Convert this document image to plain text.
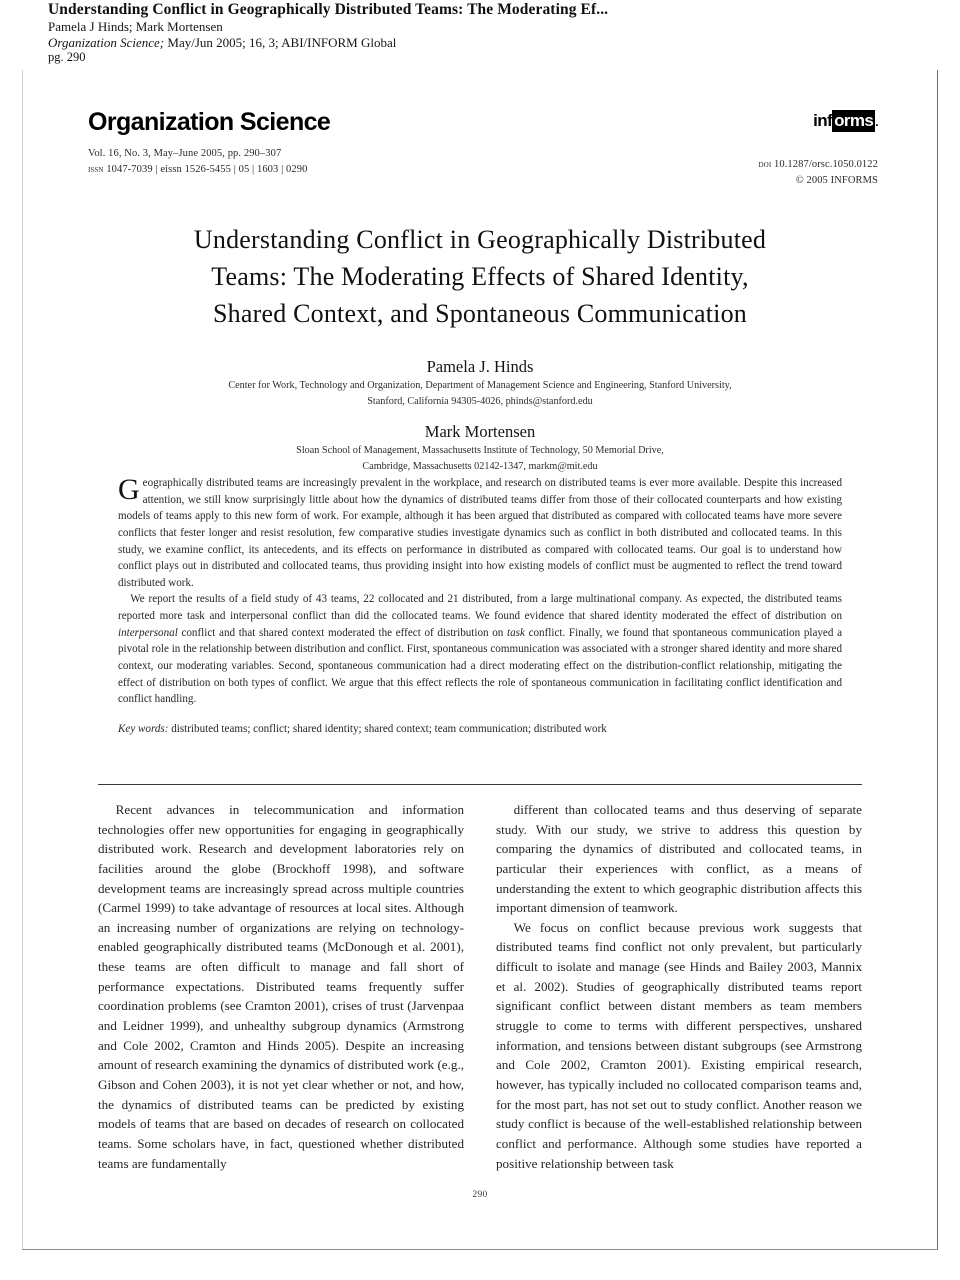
Understanding Conflict in Geographically Distributed Teams: The Moderating Ef...
Pamela J Hinds; Mark Mortensen
Organization Science; May/Jun 2005; 16, 3; ABI/INFORM Global
pg. 290
Organization Science
Vol. 16, No. 3, May–June 2005, pp. 290–307
issn 1047-7039 | eissn 1526-5455 | 05 | 1603 | 0290
inf orms .
doi 10.1287/orsc.1050.0122
© 2005 INFORMS
Understanding Conflict in Geographically Distributed
Teams: The Moderating Effects of Shared Identity,
Shared Context, and Spontaneous Communication
Pamela J. Hinds
Center for Work, Technology and Organization, Department of Management Science and Engineering, Stanford University,
Stanford, California 94305-4026, phinds@stanford.edu
Mark Mortensen
Sloan School of Management, Massachusetts Institute of Technology, 50 Memorial Drive,
Cambridge, Massachusetts 02142-1347, markm@mit.edu

Geographically distributed teams are increasingly prevalent in the workplace, and research on distributed teams is ever more available. Despite this increased attention, we still know surprisingly little about how the dynamics of distributed teams differ from those of their collocated counterparts and how existing models of teams apply to this new form of work. For example, although it has been argued that distributed as compared with collocated teams have more severe conflicts that fester longer and resist resolution, few comparative studies investigate dynamics such as conflict in both distributed and collocated teams. In this study, we examine conflict, its antecedents, and its effects on performance in distributed as compared with collocated teams. Our goal is to understand how conflict plays out in distributed and collocated teams, thus providing insight into how existing models of conflict must be augmented to reflect the trend toward distributed work.

We report the results of a field study of 43 teams, 22 collocated and 21 distributed, from a large multinational company. As expected, the distributed teams reported more task and interpersonal conflict than did the collocated teams. We found evidence that shared identity moderated the effect of distribution on interpersonal conflict and that shared context moderated the effect of distribution on task conflict. Finally, we found that spontaneous communication played a pivotal role in the relationship between distribution and conflict. First, spontaneous communication was associated with a stronger shared identity and more shared context, our moderating variables. Second, spontaneous communication had a direct moderating effect on the distribution-conflict relationship, mitigating the effect of distribution on both types of conflict. We argue that this effect reflects the role of spontaneous communication in facilitating conflict identification and conflict handling.

Key words: distributed teams; conflict; shared identity; shared context; team communication; distributed work

Recent advances in telecommunication and information technologies offer new opportunities for engaging in geographically distributed work. Research and development laboratories rely on facilities around the globe (Brockhoff 1998), and software development teams are increasingly spread across multiple countries (Carmel 1999) to take advantage of resources at local sites. Although an increasing number of organizations are relying on technology-enabled geographically distributed teams (McDonough et al. 2001), these teams are often difficult to manage and fall short of performance expectations. Distributed teams frequently suffer coordination problems (see Cramton 2001), crises of trust (Jarvenpaa and Leidner 1999), and unhealthy subgroup dynamics (Armstrong and Cole 2002, Cramton and Hinds 2005). Despite an increasing amount of research examining the dynamics of distributed work (e.g., Gibson and Cohen 2003), it is not yet clear whether or not, and how, the dynamics of distributed teams can be predicted by existing models of teams that are based on decades of research on collocated teams. Some scholars have, in fact, questioned whether distributed teams are fundamentally

different than collocated teams and thus deserving of separate study. With our study, we strive to address this question by comparing the dynamics of distributed and collocated teams, in particular their experiences with conflict, as a means of understanding the extent to which geographic distribution affects this important dimension of teamwork.

We focus on conflict because previous work suggests that distributed teams find conflict not only prevalent, but particularly difficult to isolate and manage (see Hinds and Bailey 2003, Mannix et al. 2002). Studies of geographically distributed teams report significant conflict between distant members as team members struggle to come to terms with different perspectives, unshared information, and tensions between distant subgroups (see Armstrong and Cole 2002, Cramton 2001). Existing empirical research, however, has typically included no collocated comparison teams and, for the most part, has not set out to study conflict. Another reason we study conflict is because of the well-established relationship between conflict and performance. Although some studies have reported a positive relationship between task

290
